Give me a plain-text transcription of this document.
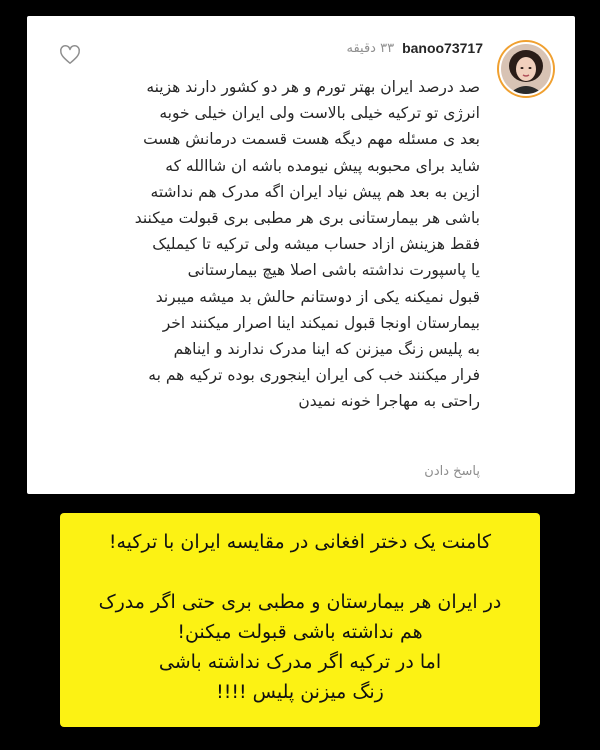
banoo73717
۳۳ دقیقه
صد درصد ایران بهتر تورم و هر دو کشور دارند هزینه
انرژی تو ترکیه خیلی بالاست ولی ایران خیلی خوبه
بعد ی مسئله مهم دیگه هست قسمت درمانش هست
شاید برای محبوبه پیش نیومده باشه ان شاالله که
ازین به بعد هم پیش نیاد ایران اگه مدرک هم نداشته
باشی هر بیمارستانی بری هر مطبی بری قبولت میکنند
فقط هزینش ازاد حساب میشه ولی ترکیه تا کیملیک
یا پاسپورت نداشته باشی اصلا هیچ بیمارستانی
قبول نمیکنه یکی از دوستانم حالش بد میشه میبرند
بیمارستان اونجا قبول نمیکند اینا اصرار میکنند اخر
به پلیس زنگ میزنن که اینا مدرک ندارند و ایناهم
فرار میکنند خب کی ایران اینجوری بوده ترکیه هم به
راحتی به مهاجرا خونه نمیدن
پاسخ دادن
کامنت یک دختر افغانی در مقایسه ایران با ترکیه!
در ایران هر بیمارستان و مطبی بری حتی اگر مدرک
هم نداشته باشی قبولت میکنن!
اما در ترکیه اگر مدرک نداشته باشی
زنگ میزنن پلیس !!!!
